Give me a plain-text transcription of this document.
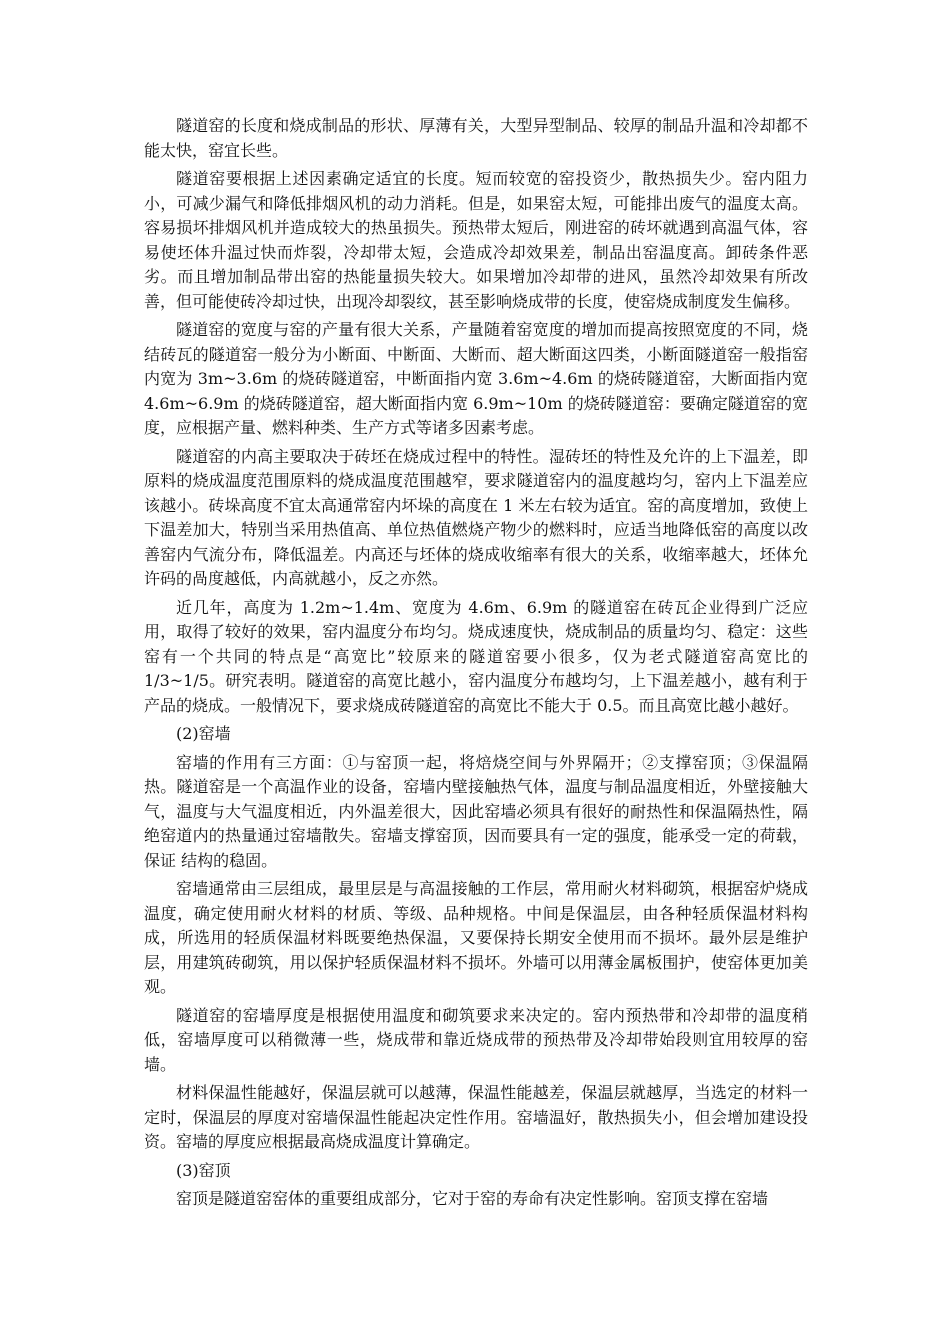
隧道窑的长度和烧成制品的形状、厚薄有关，大型异型制品、较厚的制品升温和冷却都不能太快，窑宜长些。

隧道窑要根据上述因素确定适宜的长度。短而较宽的窑投资少，散热损失少。窑内阻力小，可减少漏气和降低排烟风机的动力消耗。但是，如果窑太短，可能排出废气的温度太高。容易损坏排烟风机并造成较大的热虽损失。预热带太短后，刚进窑的砖坏就遇到高温气体，容易使坯体升温过快而炸裂，冷却带太短，会造成冷却效果差，制品出窑温度高。卸砖条件恶劣。而且增加制品带出窑的热能量损失较大。如果增加冷却带的进风，虽然冷却效果有所改善，但可能使砖冷却过快，出现冷却裂纹，甚至影响烧成带的长度，使窑烧成制度发生偏移。

隧道窑的宽度与窑的产量有很大关系，产量随着窑宽度的增加而提高按照宽度的不同，烧结砖瓦的隧道窑一般分为小断面、中断面、大断而、超大断面这四类，小断面隧道窑一般指窑内宽为 3m~3.6m 的烧砖隧道窑，中断面指内宽 3.6m~4.6m 的烧砖隧道窑，大断面指内宽 4.6m~6.9m 的烧砖隧道窑，超大断面指内宽 6.9m~10m 的烧砖隧道窑：要确定隧道窑的宽度，应根据产量、燃料种类、生产方式等诸多因素考虑。

隧道窑的内高主要取决于砖坯在烧成过程中的特性。湿砖坯的特性及允许的上下温差，即原料的烧成温度范围原料的烧成温度范围越窄，要求隧道窑内的温度越均匀，窑内上下温差应该越小。砖垛高度不宜太高通常窑内坏垛的高度在 1 米左右较为适宜。窑的高度增加，致使上下温差加大，特别当采用热值高、单位热值燃烧产物少的燃料时，应适当地降低窑的高度以改善窑内气流分布，降低温差。内高还与坯体的烧成收缩率有很大的关系，收缩率越大，坯体允许码的咼度越低，内高就越小，反之亦然。

近几年，高度为 1.2m~1.4m、宽度为 4.6m、6.9m 的隧道窑在砖瓦企业得到广泛应用，取得了较好的效果，窑内温度分布均匀。烧成速度快，烧成制品的质量均匀、稳定：这些窑有一个共同的特点是“高宽比”较原来的隧道窑要小很多，仅为老式隧道窑高宽比的 1/3~1/5。研究表明。隧道窑的高宽比越小，窑内温度分布越均匀，上下温差越小，越有利于产品的烧成。一般情况下，要求烧成砖隧道窑的高宽比不能大于 0.5。而且高宽比越小越好。

(2)窑墙

窑墙的作用有三方面：①与窑顶一起，将焙烧空间与外界隔开；②支撑窑顶；③保温隔热。隧道窑是一个高温作业的设备，窑墙内壁接触热气体，温度与制品温度相近，外壁接触大气，温度与大气温度相近，内外温差很大，因此窑墙必须具有很好的耐热性和保温隔热性，隔绝窑道内的热量通过窑墙散失。窑墙支撑窑顶，因而要具有一定的强度，能承受一定的荷载，保证 结构的稳固。

窑墙通常由三层组成，最里层是与高温接触的工作层，常用耐火材料砌筑，根据窑炉烧成温度，确定使用耐火材料的材质、等级、品种规格。中间是保温层，由各种轻质保温材料构成，所选用的轻质保温材料既要绝热保温，又要保持长期安全使用而不损坏。最外层是维护层，用建筑砖砌筑，用以保护轻质保温材料不损坏。外墙可以用薄金属板围护，使窑体更加美观。

隧道窑的窑墙厚度是根据使用温度和砌筑要求来决定的。窑内预热带和冷却带的温度稍低，窑墙厚度可以稍微薄一些，烧成带和靠近烧成带的预热带及冷却带始段则宜用较厚的窑墙。

材料保温性能越好，保温层就可以越薄，保温性能越差，保温层就越厚，当选定的材料一定时，保温层的厚度对窑墙保温性能起决定性作用。窑墙温好，散热损失小，但会增加建设投资。窑墙的厚度应根据最高烧成温度计算确定。

(3)窑顶

窑顶是隧道窑窑体的重要组成部分，它对于窑的寿命有决定性影响。窑顶支撑在窑墙
